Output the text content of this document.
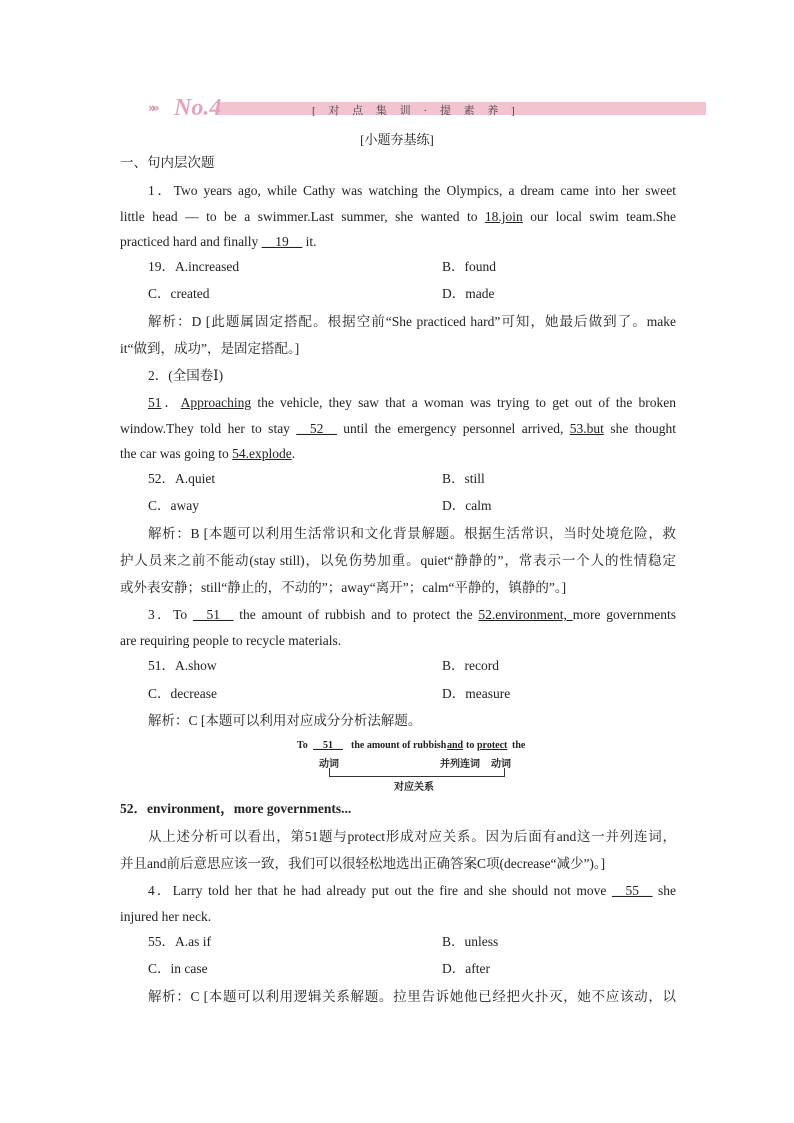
»» No.4	[ 对 点 集 训 · 提 素 养 ]
[小题夯基练]
一、句内层次题
1．Two years ago, while Cathy was watching the Olympics, a dream came into her sweet
little head — to be a swimmer.Last summer, she wanted to 18.join our local swim team.She
practiced hard and finally __19__ it.
19．A.increased	B．found
C．created	D．made
解析：D [此题属固定搭配。根据空前“She practiced hard”可知，她最后做到了。make
it“做到，成功”，是固定搭配。]
2．(全国卷Ⅰ)
51．Approaching the vehicle, they saw that a woman was trying to get out of the broken
window.They told her to stay __52__ until the emergency personnel arrived, 53.but she thought
the car was going to 54.explode.
52．A.quiet	B．still
C．away	D．calm
解析：B [本题可以利用生活常识和文化背景解题。根据生活常识，当时处境危险，救
护人员来之前不能动(stay still)，以免伤势加重。quiet“静静的”，常表示一个人的性情稳定
或外表安静；still“静止的，不动的”；away“离开”；calm“平静的，镇静的”。]
3．To __51__ the amount of rubbish and to protect the 52.environment, more governments
are requiring people to recycle materials.
51．A.show	B．record
C．decrease	D．measure
解析：C [本题可以利用对应成分分析法解题。
To __51__ the amount of rubbish and to protect the
动词	并列连词 动词
对应关系
52．environment，more governments...
从上述分析可以看出，第51题与protect形成对应关系。因为后面有and这一并列连词，
并且and前后意思应该一致，我们可以很轻松地选出正确答案C项(decrease“减少”)。]
4．Larry told her that he had already put out the fire and she should not move __55__ she
injured her neck.
55．A.as if	B．unless
C．in case	D．after
解析：C [本题可以利用逻辑关系解题。拉里告诉她他已经把火扑灭，她不应该动，以
